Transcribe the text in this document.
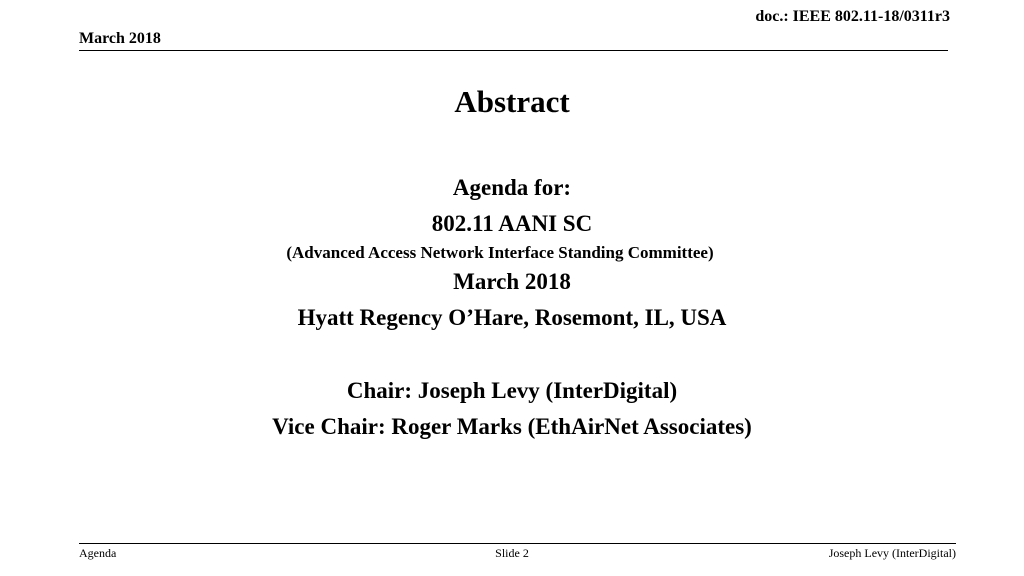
doc.: IEEE 802.11-18/0311r3
March 2018
Abstract
Agenda for:
802.11 AANI SC
(Advanced Access Network Interface Standing Committee)
March 2018
Hyatt Regency O’Hare, Rosemont, IL, USA
Chair: Joseph Levy (InterDigital)
Vice Chair: Roger Marks (EthAirNet Associates)
Agenda	Slide 2	Joseph Levy (InterDigital)
